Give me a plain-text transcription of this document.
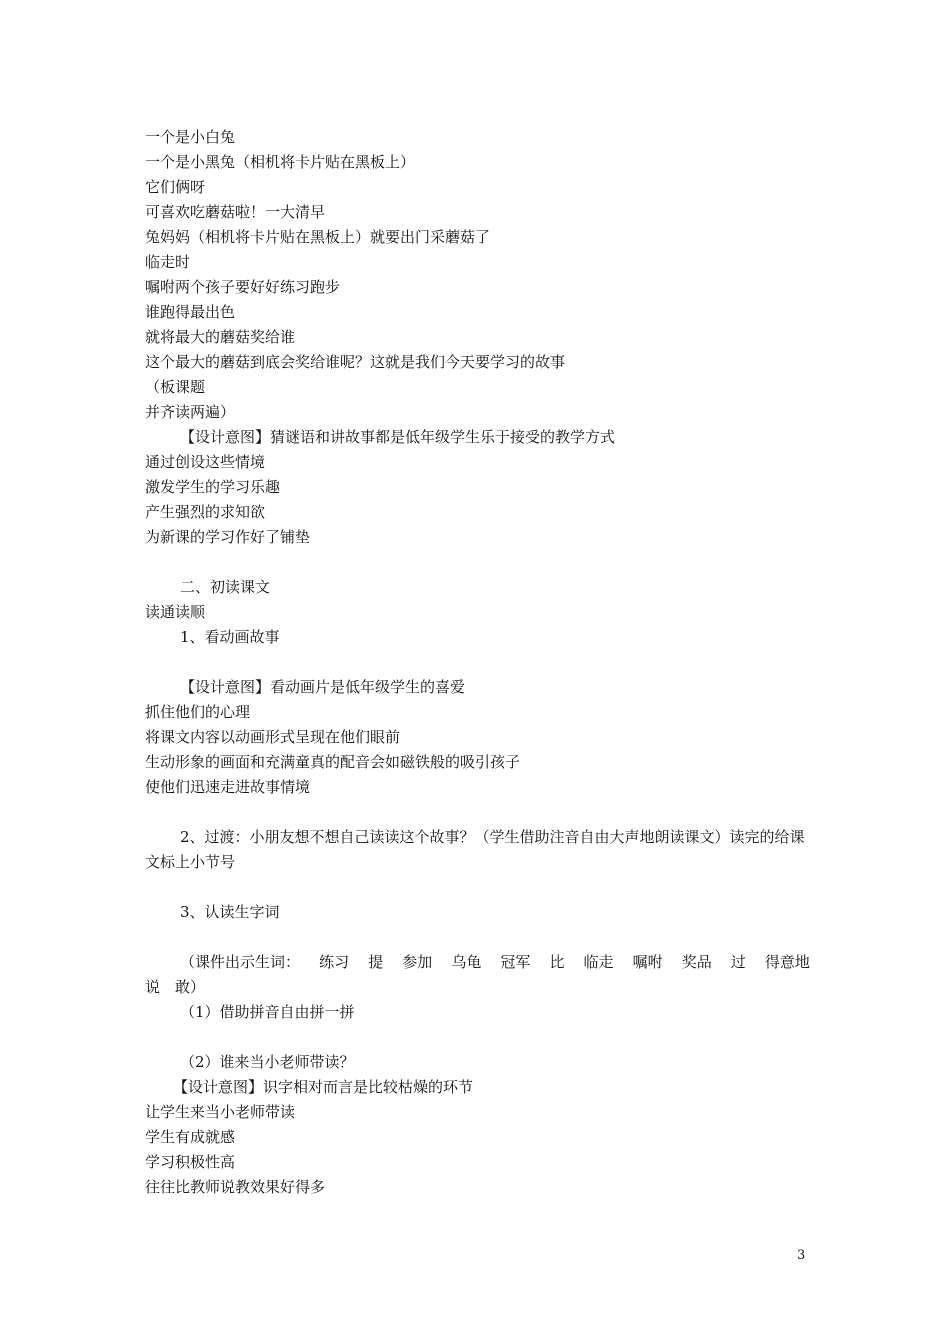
一个是小白兔
一个是小黑兔（相机将卡片贴在黑板上）
它们俩呀
可喜欢吃蘑菇啦！一大清早
兔妈妈（相机将卡片贴在黑板上）就要出门采蘑菇了
临走时
嘱咐两个孩子要好好练习跑步
谁跑得最出色
就将最大的蘑菇奖给谁
这个最大的蘑菇到底会奖给谁呢？这就是我们今天要学习的故事
（板课题
并齐读两遍）
【设计意图】猜谜语和讲故事都是低年级学生乐于接受的教学方式
通过创设这些情境
激发学生的学习乐趣
产生强烈的求知欲
为新课的学习作好了铺垫
二、初读课文
读通读顺
1、看动画故事
【设计意图】看动画片是低年级学生的喜爱
抓住他们的心理
将课文内容以动画形式呈现在他们眼前
生动形象的画面和充满童真的配音会如磁铁般的吸引孩子
使他们迅速走进故事情境
2、过渡：小朋友想不想自己读读这个故事？（学生借助注音自由大声地朗读课文）读完的给课文标上小节号
3、认读生字词
（课件出示生词： 练习 提 参加 乌龟 冠军 比 临走 嘱咐 奖品 过 得意地
说　敢）
（1）借助拼音自由拼一拼
（2）谁来当小老师带读？
【设计意图】识字相对而言是比较枯燥的环节
让学生来当小老师带读
学生有成就感
学习积极性高
往往比教师说教效果好得多
3
